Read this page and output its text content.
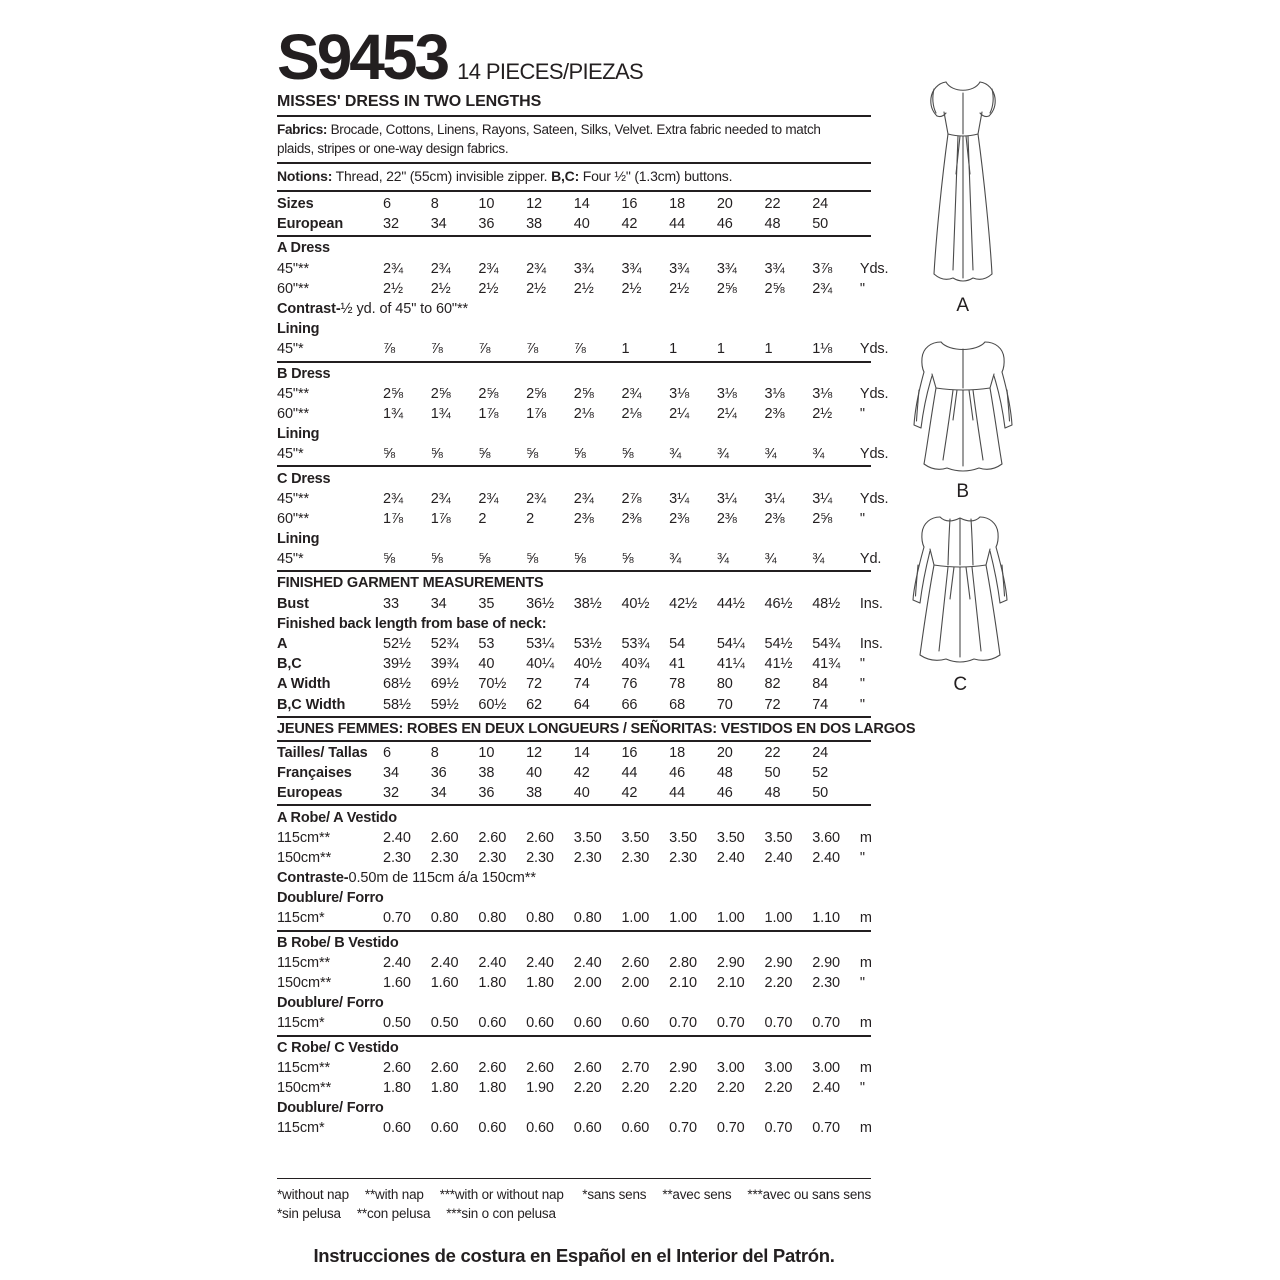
S9453 14 PIECES/PIEZAS
MISSES' DRESS IN TWO LENGTHS
Fabrics: Brocade, Cottons, Linens, Rayons, Sateen, Silks, Velvet. Extra fabric needed to match
plaids, stripes or one-way design fabrics.
Notions: Thread, 22" (55cm) invisible zipper. B,C: Four ½" (1.3cm) buttons.
Sizes	6	8	10	12	14	16	18	20	22	24
European	32	34	36	38	40	42	44	46	48	50
A Dress
45"**	2¾	2¾	2¾	2¾	3¾	3¾	3¾	3¾	3¾	3⅞	Yds.
60"**	2½	2½	2½	2½	2½	2½	2½	2⅝	2⅝	2¾	"
Contrast- ½ yd. of 45" to 60"**
Lining
45"*	⅞	⅞	⅞	⅞	⅞	1	1	1	1	1⅛	Yds.
B Dress
45"**	2⅝	2⅝	2⅝	2⅝	2⅝	2¾	3⅛	3⅛	3⅛	3⅛	Yds.
60"**	1¾	1¾	1⅞	1⅞	2⅛	2⅛	2¼	2¼	2⅜	2½	"
Lining
45"*	⅝	⅝	⅝	⅝	⅝	⅝	¾	¾	¾	¾	Yds.
C Dress
45"**	2¾	2¾	2¾	2¾	2¾	2⅞	3¼	3¼	3¼	3¼	Yds.
60"**	1⅞	1⅞	2	2	2⅜	2⅜	2⅜	2⅜	2⅜	2⅝	"
Lining
45"*	⅝	⅝	⅝	⅝	⅝	⅝	¾	¾	¾	¾	Yd.
FINISHED GARMENT MEASUREMENTS
Bust	33	34	35	36½	38½	40½	42½	44½	46½	48½	Ins.
Finished back length from base of neck:
A	52½	52¾	53	53¼	53½	53¾	54	54¼	54½	54¾	Ins.
B,C	39½	39¾	40	40¼	40½	40¾	41	41¼	41½	41¾	"
A Width	68½	69½	70½	72	74	76	78	80	82	84	"
B,C Width	58½	59½	60½	62	64	66	68	70	72	74	"
JEUNES FEMMES: ROBES EN DEUX LONGUEURS / SEÑORITAS: VESTIDOS EN DOS LARGOS
Tailles/ Tallas	6	8	10	12	14	16	18	20	22	24
Françaises	34	36	38	40	42	44	46	48	50	52
Europeas	32	34	36	38	40	42	44	46	48	50
A Robe/ A Vestido
115cm**	2.40	2.60	2.60	2.60	3.50	3.50	3.50	3.50	3.50	3.60	m
150cm**	2.30	2.30	2.30	2.30	2.30	2.30	2.30	2.40	2.40	2.40	"
Contraste- 0.50m de 115cm á/a 150cm**
Doublure/ Forro
115cm*	0.70	0.80	0.80	0.80	0.80	1.00	1.00	1.00	1.00	1.10	m
B Robe/ B Vestido
115cm**	2.40	2.40	2.40	2.40	2.40	2.60	2.80	2.90	2.90	2.90	m
150cm**	1.60	1.60	1.80	1.80	2.00	2.00	2.10	2.10	2.20	2.30	"
Doublure/ Forro
115cm*	0.50	0.50	0.60	0.60	0.60	0.60	0.70	0.70	0.70	0.70	m
C Robe/ C Vestido
115cm**	2.60	2.60	2.60	2.60	2.60	2.70	2.90	3.00	3.00	3.00	m
150cm**	1.80	1.80	1.80	1.90	2.20	2.20	2.20	2.20	2.20	2.40	"
Doublure/ Forro
115cm*	0.60	0.60	0.60	0.60	0.60	0.60	0.70	0.70	0.70	0.70	m
*without nap **with nap ***with or without nap *sans sens **avec sens ***avec ou sans sens
*sin pelusa **con pelusa ***sin o con pelusa
Instrucciones de costura en Español en el Interior del Patrón.
A
B
C
